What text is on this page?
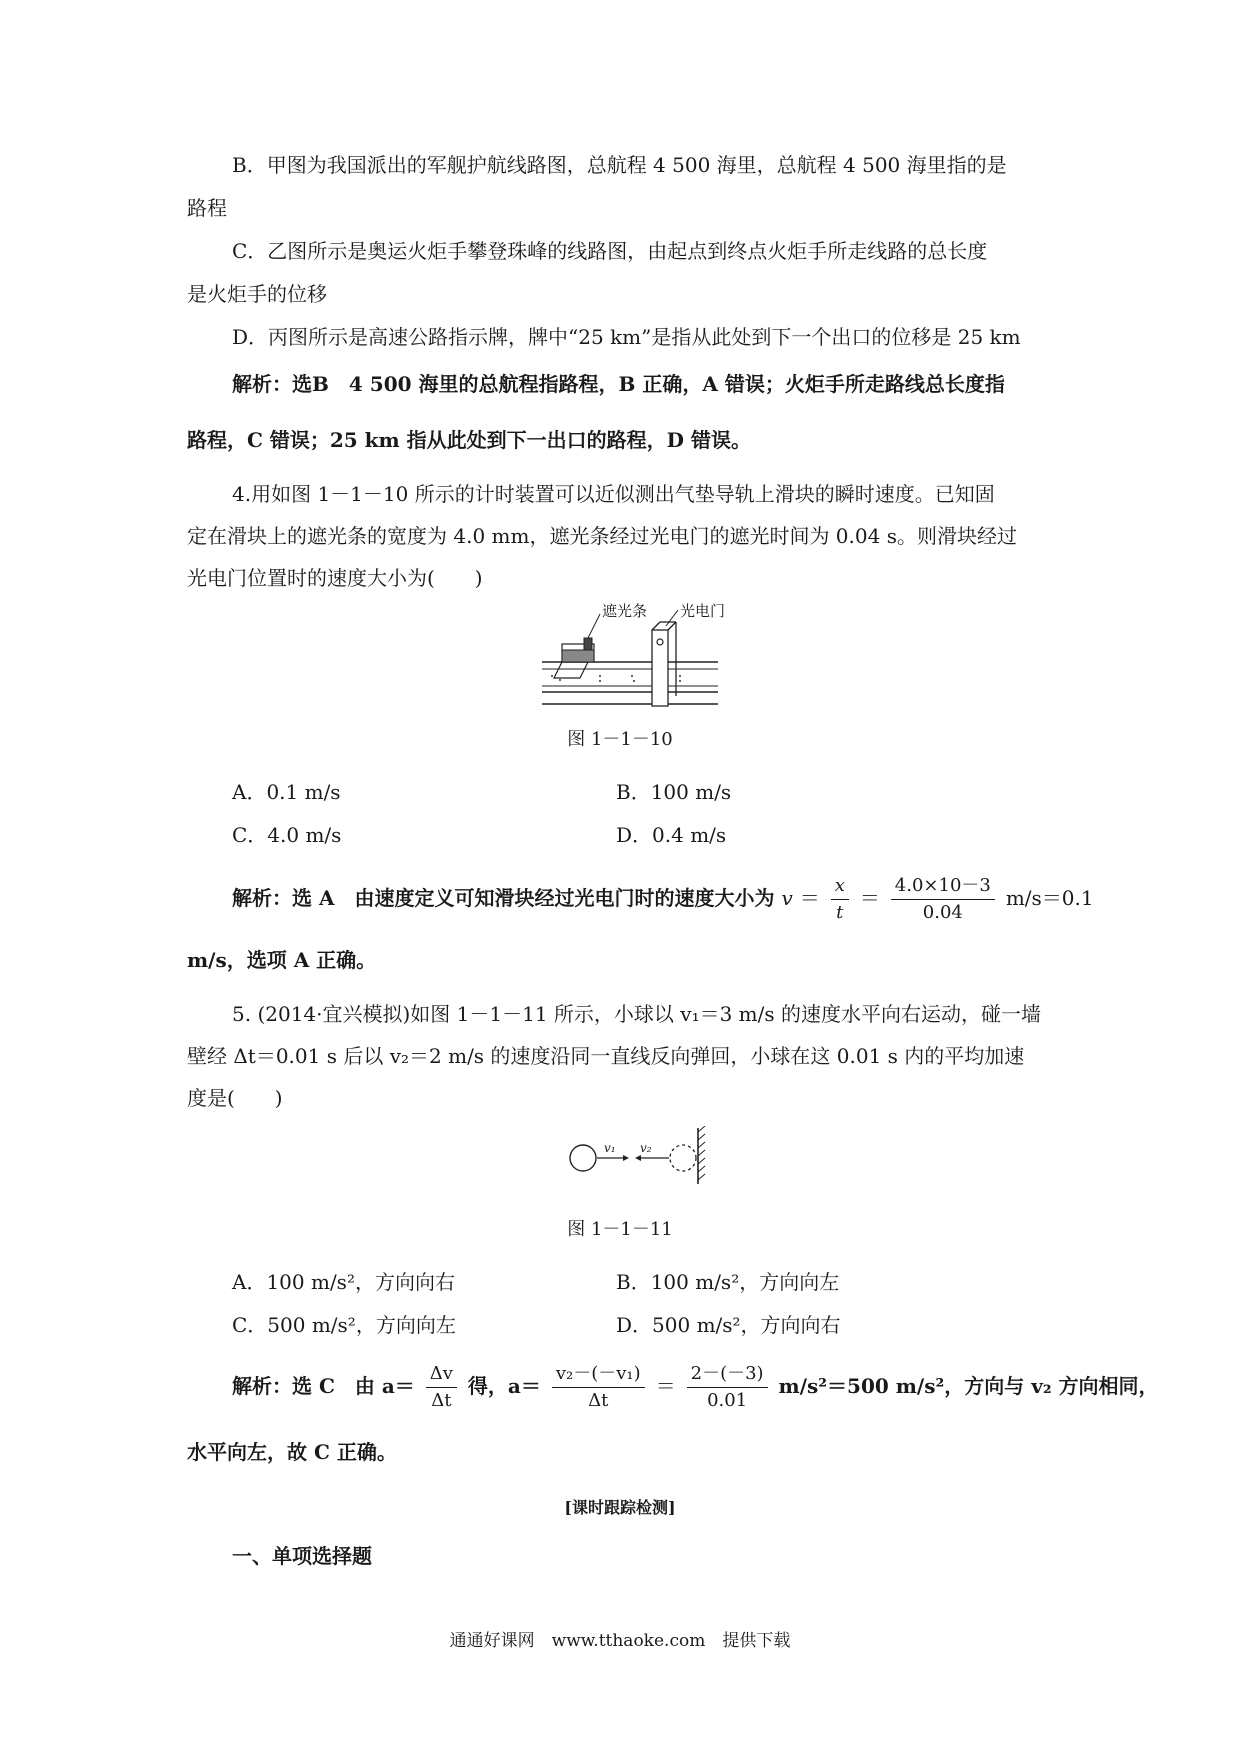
B．甲图为我国派出的军舰护航线路图，总航程 4 500 海里，总航程 4 500 海里指的是
路程
C．乙图所示是奥运火炬手攀登珠峰的线路图，由起点到终点火炬手所走线路的总长度
是火炬手的位移
D．丙图所示是高速公路指示牌，牌中“25 km”是指从此处到下一个出口的位移是 25 km
解析：选B　4 500 海里的总航程指路程，B 正确，A 错误；火炬手所走路线总长度指
路程，C 错误；25 km 指从此处到下一出口的路程，D 错误。
4.用如图 1－1－10 所示的计时装置可以近似测出气垫导轨上滑块的瞬时速度。已知固
定在滑块上的遮光条的宽度为 4.0 mm，遮光条经过光电门的遮光时间为 0.04 s。则滑块经过
光电门位置时的速度大小为(　　)
遮光条 光电门
图 1－1－10
A．0.1 m/s	B．100 m/s
C．4.0 m/s	D．0.4 m/s
解析：选 A　由速度定义可知滑块经过光电门时的速度大小为 $v = \frac{x}{t} = \frac{4.0\times 10-3}{0.04} m/s=0.1$
m/s，选项 A 正确。
5. (2014·宜兴模拟)如图 1－1－11 所示，小球以 v₁＝3 m/s 的速度水平向右运动，碰一墙
壁经 Δt＝0.01 s 后以 v₂＝2 m/s 的速度沿同一直线反向弹回，小球在这 0.01 s 内的平均加速
度是(　　)
v₁ v₂
图 1－1－11
A．100 m/s²，方向向右	B．100 m/s²，方向向左
C．500 m/s²，方向向左	D．500 m/s²，方向向右
解析：选 C　由 $a= \frac{\Delta v}{\Delta t}$ 得，$a= \frac{\text{v₂－(－v₁)}}{\Delta t} = \frac{2-(-3)}{0.01} m/s^2=500$ m/s²，方向与 v₂ 方向相同，
水平向左，故 C 正确。
[课时跟踪检测]
一、单项选择题
通通好课网　www.tthaoke.com　提供下载
